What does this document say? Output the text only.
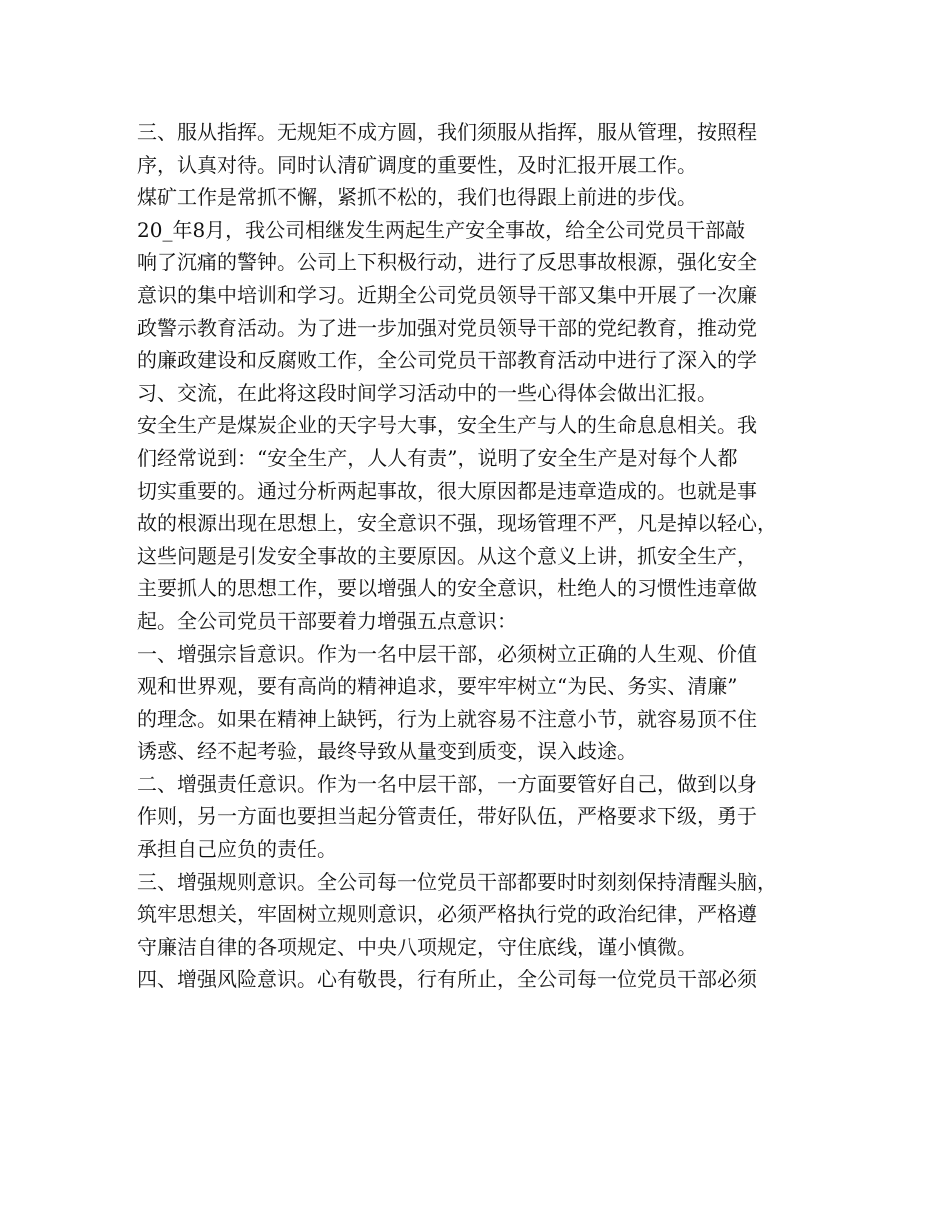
三、服从指挥。无规矩不成方圆，我们须服从指挥，服从管理，按照程
序，认真对待。同时认清矿调度的重要性，及时汇报开展工作。
煤矿工作是常抓不懈，紧抓不松的，我们也得跟上前进的步伐。
20_年8月，我公司相继发生两起生产安全事故，给全公司党员干部敲
响了沉痛的警钟。公司上下积极行动，进行了反思事故根源，强化安全
意识的集中培训和学习。近期全公司党员领导干部又集中开展了一次廉
政警示教育活动。为了进一步加强对党员领导干部的党纪教育，推动党
的廉政建设和反腐败工作，全公司党员干部教育活动中进行了深入的学
习、交流，在此将这段时间学习活动中的一些心得体会做出汇报。
安全生产是煤炭企业的天字号大事，安全生产与人的生命息息相关。我
们经常说到：“安全生产，人人有责”，说明了安全生产是对每个人都
切实重要的。通过分析两起事故，很大原因都是违章造成的。也就是事
故的根源出现在思想上，安全意识不强，现场管理不严，凡是掉以轻心，
这些问题是引发安全事故的主要原因。从这个意义上讲，抓安全生产，
主要抓人的思想工作，要以增强人的安全意识，杜绝人的习惯性违章做
起。全公司党员干部要着力增强五点意识：
一、增强宗旨意识。作为一名中层干部，必须树立正确的人生观、价值
观和世界观，要有高尚的精神追求，要牢牢树立“为民、务实、清廉”
的理念。如果在精神上缺钙，行为上就容易不注意小节，就容易顶不住
诱惑、经不起考验，最终导致从量变到质变，误入歧途。
二、增强责任意识。作为一名中层干部，一方面要管好自己，做到以身
作则，另一方面也要担当起分管责任，带好队伍，严格要求下级，勇于
承担自己应负的责任。
三、增强规则意识。全公司每一位党员干部都要时时刻刻保持清醒头脑，
筑牢思想关，牢固树立规则意识，必须严格执行党的政治纪律，严格遵
守廉洁自律的各项规定、中央八项规定，守住底线，谨小慎微。
四、增强风险意识。心有敬畏，行有所止，全公司每一位党员干部必须
